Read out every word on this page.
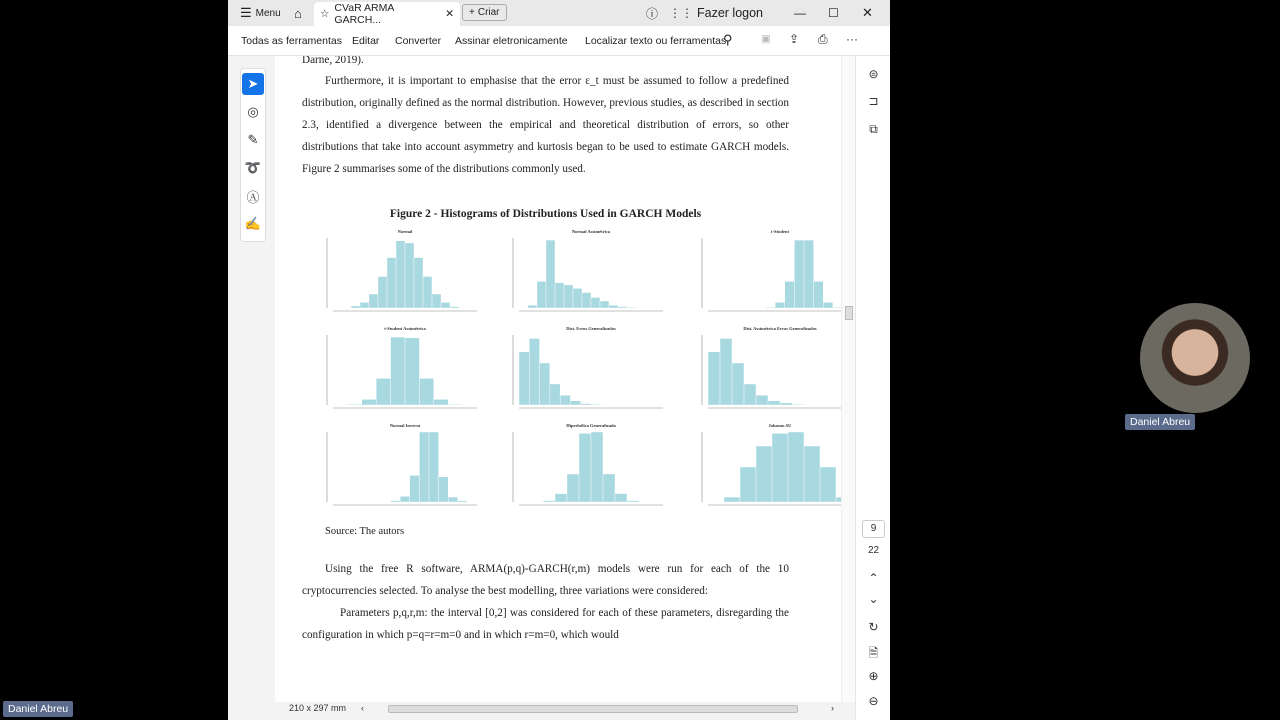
☰ Menu ⌂ ☆ CVaR ARMA GARCH...	✕ + Criar	ⓘ ⋮⋮ Fazer logon	— ☐ ✕
Todas as ferramentas Editar Converter Assinar eletronicamente Localizar texto ou ferramentas
⚲	▣ ⇪ ⎙ ···
➤
◎
✎
➰
Ⓐ
✍
Darne, 2019).
Furthermore, it is important to emphasise that the error ε_t must be assumed to follow a predefined distribution, originally defined as the normal distribution. However, previous studies, as described in section 2.3, identified a divergence between the empirical and theoretical distribution of errors, so other distributions that take into account asymmetry and kurtosis began to be used to estimate GARCH models. Figure 2 summarises some of the distributions commonly used.
Figure 2 - Histograms of Distributions Used in GARCH Models
Normal	Normal Assimétrica	t-Student
t-Student Assimétrica	Dist. Erros Generalizados	Dist. Assimétrica Erros Generalizados
Normal Inversa	Hiperbólica Generalizada	Johnson SU
Source: The autors
Using the free R software, ARMA(p,q)-GARCH(r,m) models were run for each of the 10 cryptocurrencies selected. To analyse the best modelling, three variations were considered:
Parameters p,q,r,m: the interval [0,2] was considered for each of these parameters, disregarding the configuration in which p=q=r=m=0 and in which r=m=0, which would
⊜
⊐
⧉
9
22
⌃
⌄
↻
🗎
⊕
⊖
210 x 297 mm ‹	›
Daniel Abreu
Daniel Abreu
